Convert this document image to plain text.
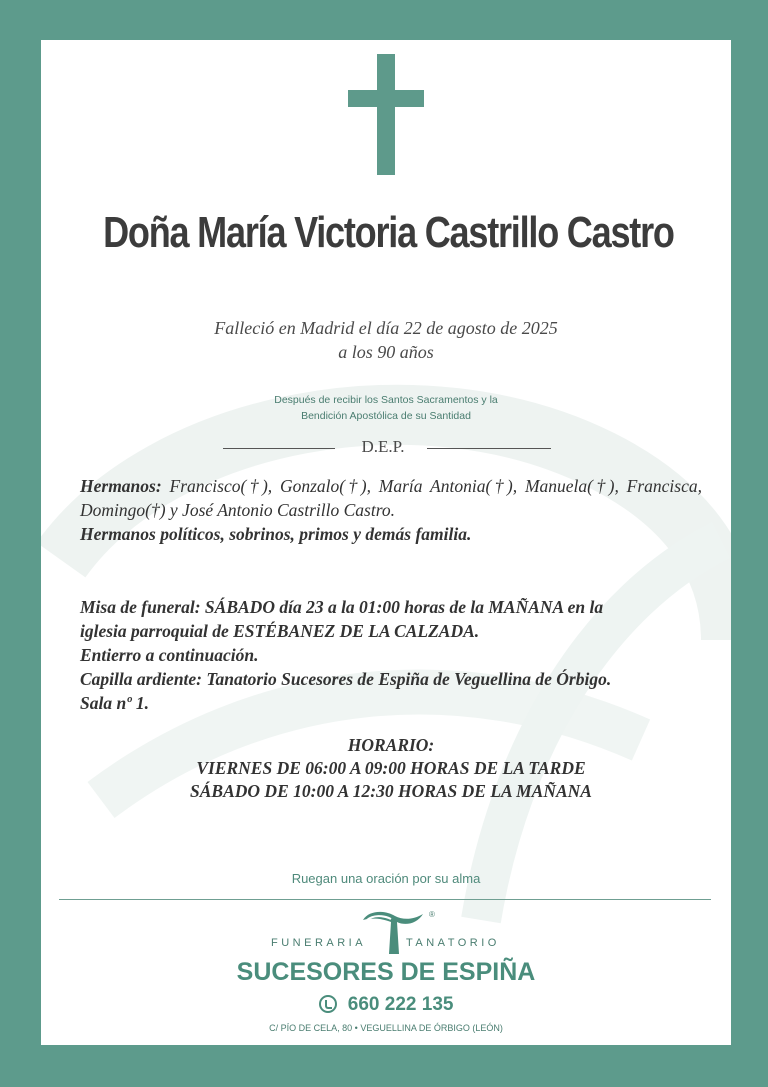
Doña María Victoria Castrillo Castro
Falleció en Madrid el día 22 de agosto de 2025
a los 90 años
Después de recibir los Santos Sacramentos y la
Bendición Apostólica de su Santidad
D.E.P.
Hermanos: Francisco(†), Gonzalo(†), María Antonia(†), Manuela(†), Francisca, Domingo(†) y José Antonio Castrillo Castro.
Hermanos políticos, sobrinos, primos y demás familia.
Misa de funeral: SÁBADO día 23 a la 01:00 horas de la MAÑANA en la
iglesia parroquial de ESTÉBANEZ DE LA CALZADA.
Entierro a continuación.
Capilla ardiente: Tanatorio Sucesores de Espiña de Veguellina de Órbigo.
Sala nº 1.
HORARIO:
VIERNES DE 06:00 A 09:00 HORAS DE LA TARDE
SÁBADO DE 10:00 A 12:30 HORAS DE LA MAÑANA
Ruegan una oración por su alma
®
FUNERARIA	TANATORIO
SUCESORES DE ESPIÑA
660 222 135
C/ PÍO DE CELA, 80 • VEGUELLINA DE ÓRBIGO (LEÓN)
